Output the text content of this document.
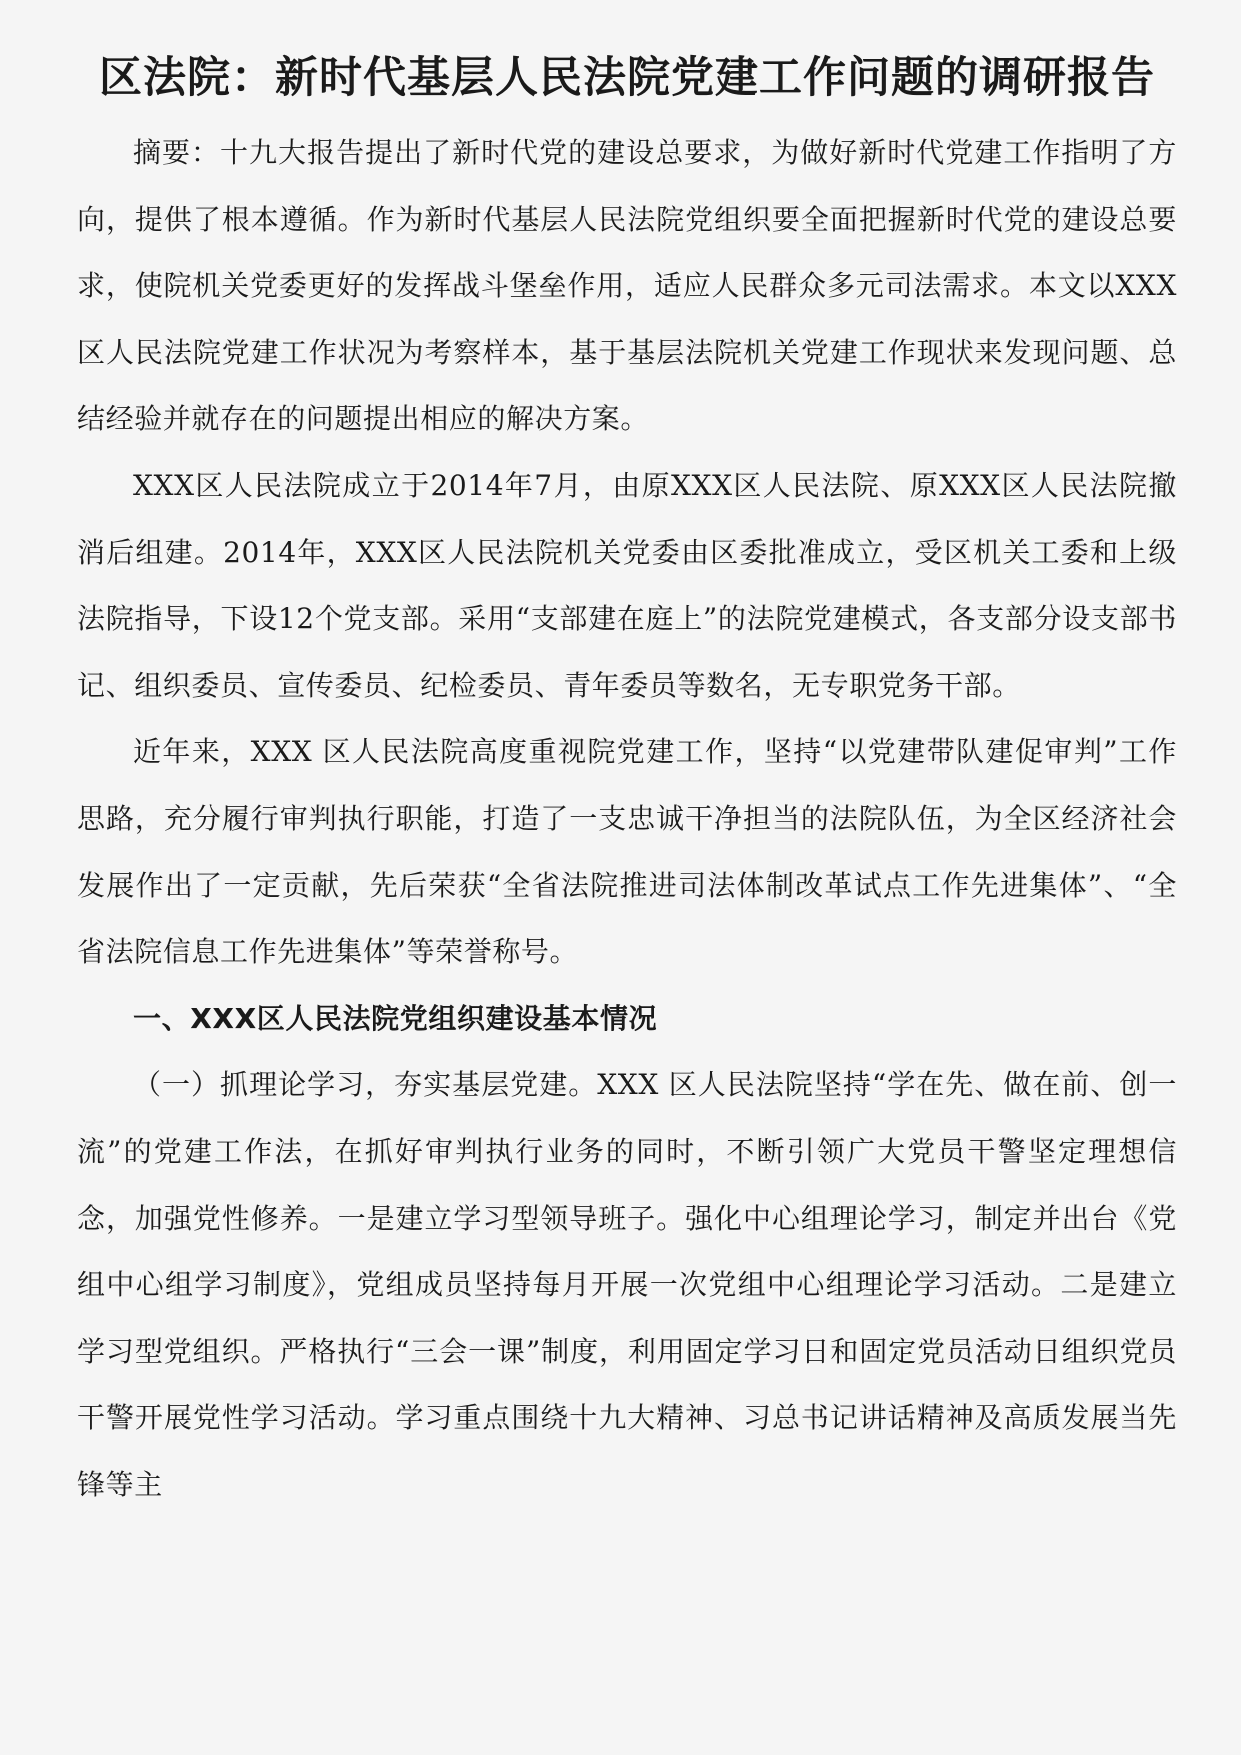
区法院：新时代基层人民法院党建工作问题的调研报告

摘要：十九大报告提出了新时代党的建设总要求，为做好新时代党建工作指明了方向，提供了根本遵循。作为新时代基层人民法院党组织要全面把握新时代党的建设总要求，使院机关党委更好的发挥战斗堡垒作用，适应人民群众多元司法需求。本文以XXX区人民法院党建工作状况为考察样本，基于基层法院机关党建工作现状来发现问题、总结经验并就存在的问题提出相应的解决方案。

XXX区人民法院成立于2014年7月，由原XXX区人民法院、原XXX区人民法院撤消后组建。2014年，XXX区人民法院机关党委由区委批准成立，受区机关工委和上级法院指导，下设12个党支部。采用“支部建在庭上”的法院党建模式，各支部分设支部书记、组织委员、宣传委员、纪检委员、青年委员等数名，无专职党务干部。

近年来，XXX 区人民法院高度重视院党建工作，坚持“以党建带队建促审判”工作思路，充分履行审判执行职能，打造了一支忠诚干净担当的法院队伍，为全区经济社会发展作出了一定贡献，先后荣获“全省法院推进司法体制改革试点工作先进集体”、“全省法院信息工作先进集体”等荣誉称号。

一、XXX区人民法院党组织建设基本情况

（一）抓理论学习，夯实基层党建。XXX 区人民法院坚持“学在先、做在前、创一流”的党建工作法，在抓好审判执行业务的同时，不断引领广大党员干警坚定理想信念，加强党性修养。一是建立学习型领导班子。强化中心组理论学习，制定并出台《党组中心组学习制度》，党组成员坚持每月开展一次党组中心组理论学习活动。二是建立学习型党组织。严格执行“三会一课”制度，利用固定学习日和固定党员活动日组织党员干警开展党性学习活动。学习重点围绕十九大精神、习总书记讲话精神及高质发展当先锋等主
